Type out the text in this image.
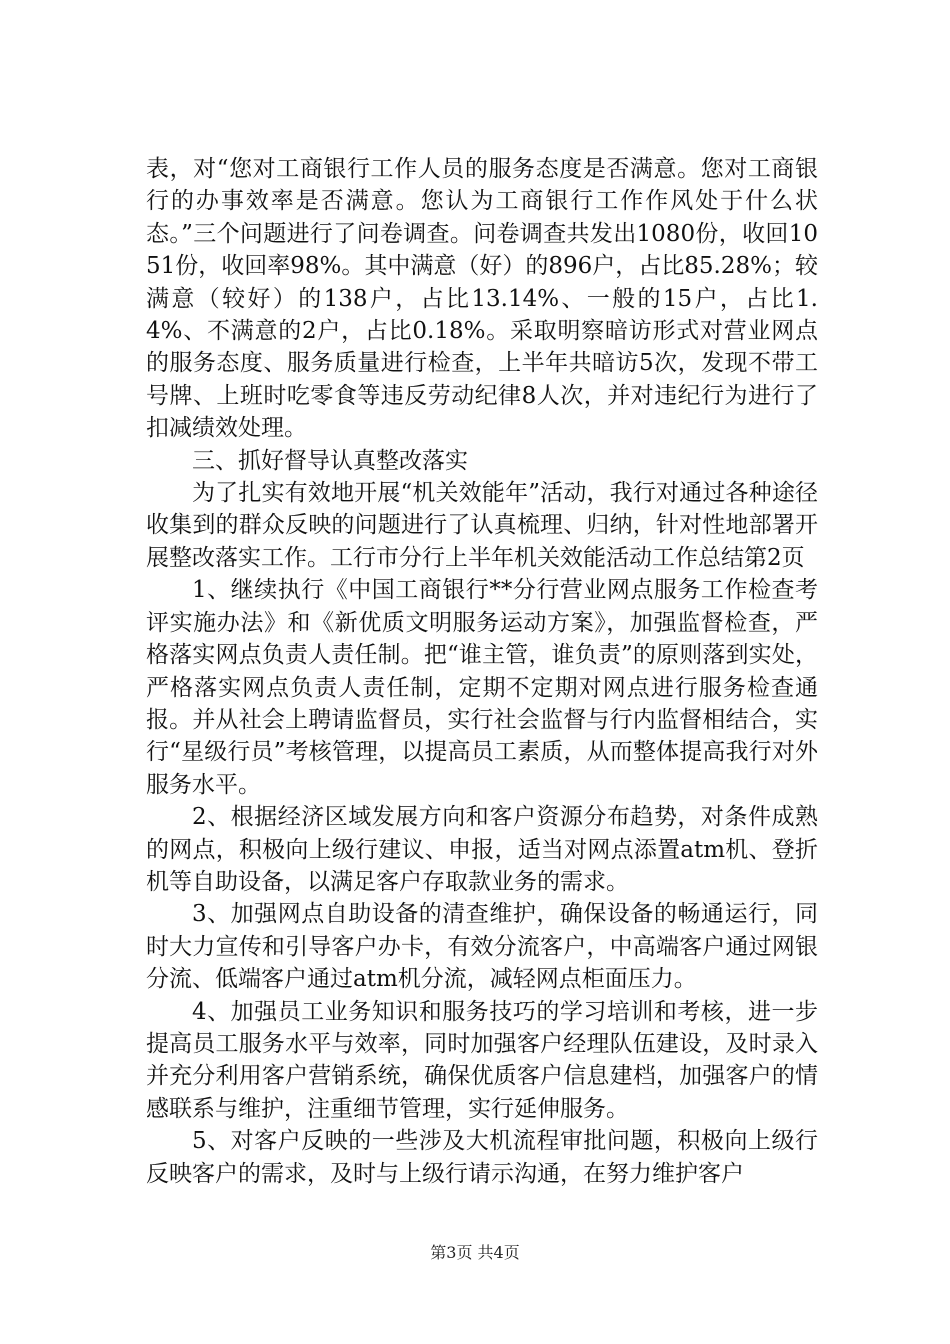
表，对“您对工商银行工作人员的服务态度是否满意。您对工商银行的办事效率是否满意。您认为工商银行工作作风处于什么状态。”三个问题进行了问卷调查。问卷调查共发出1080份，收回1051份，收回率98%。其中满意（好）的896户，占比85.28%；较满意（较好）的138户，占比13.14%、一般的15户，占比1.4%、不满意的2户，占比0.18%。采取明察暗访形式对营业网点的服务态度、服务质量进行检查，上半年共暗访5次，发现不带工号牌、上班时吃零食等违反劳动纪律8人次，并对违纪行为进行了扣减绩效处理。

三、抓好督导认真整改落实

为了扎实有效地开展“机关效能年”活动，我行对通过各种途径收集到的群众反映的问题进行了认真梳理、归纳，针对性地部署开展整改落实工作。工行市分行上半年机关效能活动工作总结第2页

1、继续执行《中国工商银行**分行营业网点服务工作检查考评实施办法》和《新优质文明服务运动方案》，加强监督检查，严格落实网点负责人责任制。把“谁主管，谁负责”的原则落到实处，严格落实网点负责人责任制，定期不定期对网点进行服务检查通报。并从社会上聘请监督员，实行社会监督与行内监督相结合，实行“星级行员”考核管理，以提高员工素质，从而整体提高我行对外服务水平。

2、根据经济区域发展方向和客户资源分布趋势，对条件成熟的网点，积极向上级行建议、申报，适当对网点添置atm机、登折机等自助设备，以满足客户存取款业务的需求。

3、加强网点自助设备的清查维护，确保设备的畅通运行，同时大力宣传和引导客户办卡，有效分流客户，中高端客户通过网银分流、低端客户通过atm机分流，减轻网点柜面压力。

4、加强员工业务知识和服务技巧的学习培训和考核，进一步提高员工服务水平与效率，同时加强客户经理队伍建设，及时录入并充分利用客户营销系统，确保优质客户信息建档，加强客户的情感联系与维护，注重细节管理，实行延伸服务。

5、对客户反映的一些涉及大机流程审批问题，积极向上级行反映客户的需求，及时与上级行请示沟通，在努力维护客户

第3页 共4页
